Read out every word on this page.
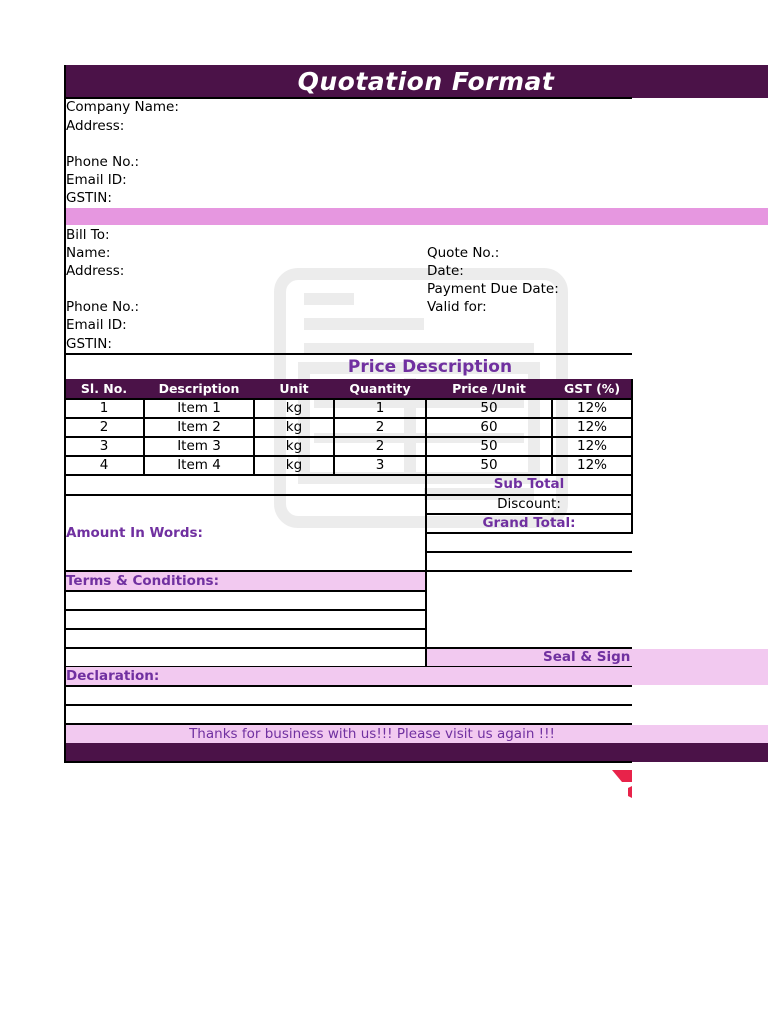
Quotation Format
Company Name:
Address:
Phone No.:
Email ID:
GSTIN:
Bill To:
Name:
Address:
Phone No.:
Email ID:
GSTIN:
Quote No.:
Date:
Payment Due Date:
Valid for:
Price Description
Sl. No.	Description	Unit	Quantity	Price /Unit	GST (%)
1	Item 1	kg	1	50	12%
2	Item 2	kg	2	60	12%
3	Item 3	kg	2	50	12%
4	Item 4	kg	3	50	12%
Sub Total
Discount:
Grand Total:
Amount In Words:
Terms & Conditions:
Seal & Sign
Declaration:
Thanks for business with us!!! Please visit us again !!!
